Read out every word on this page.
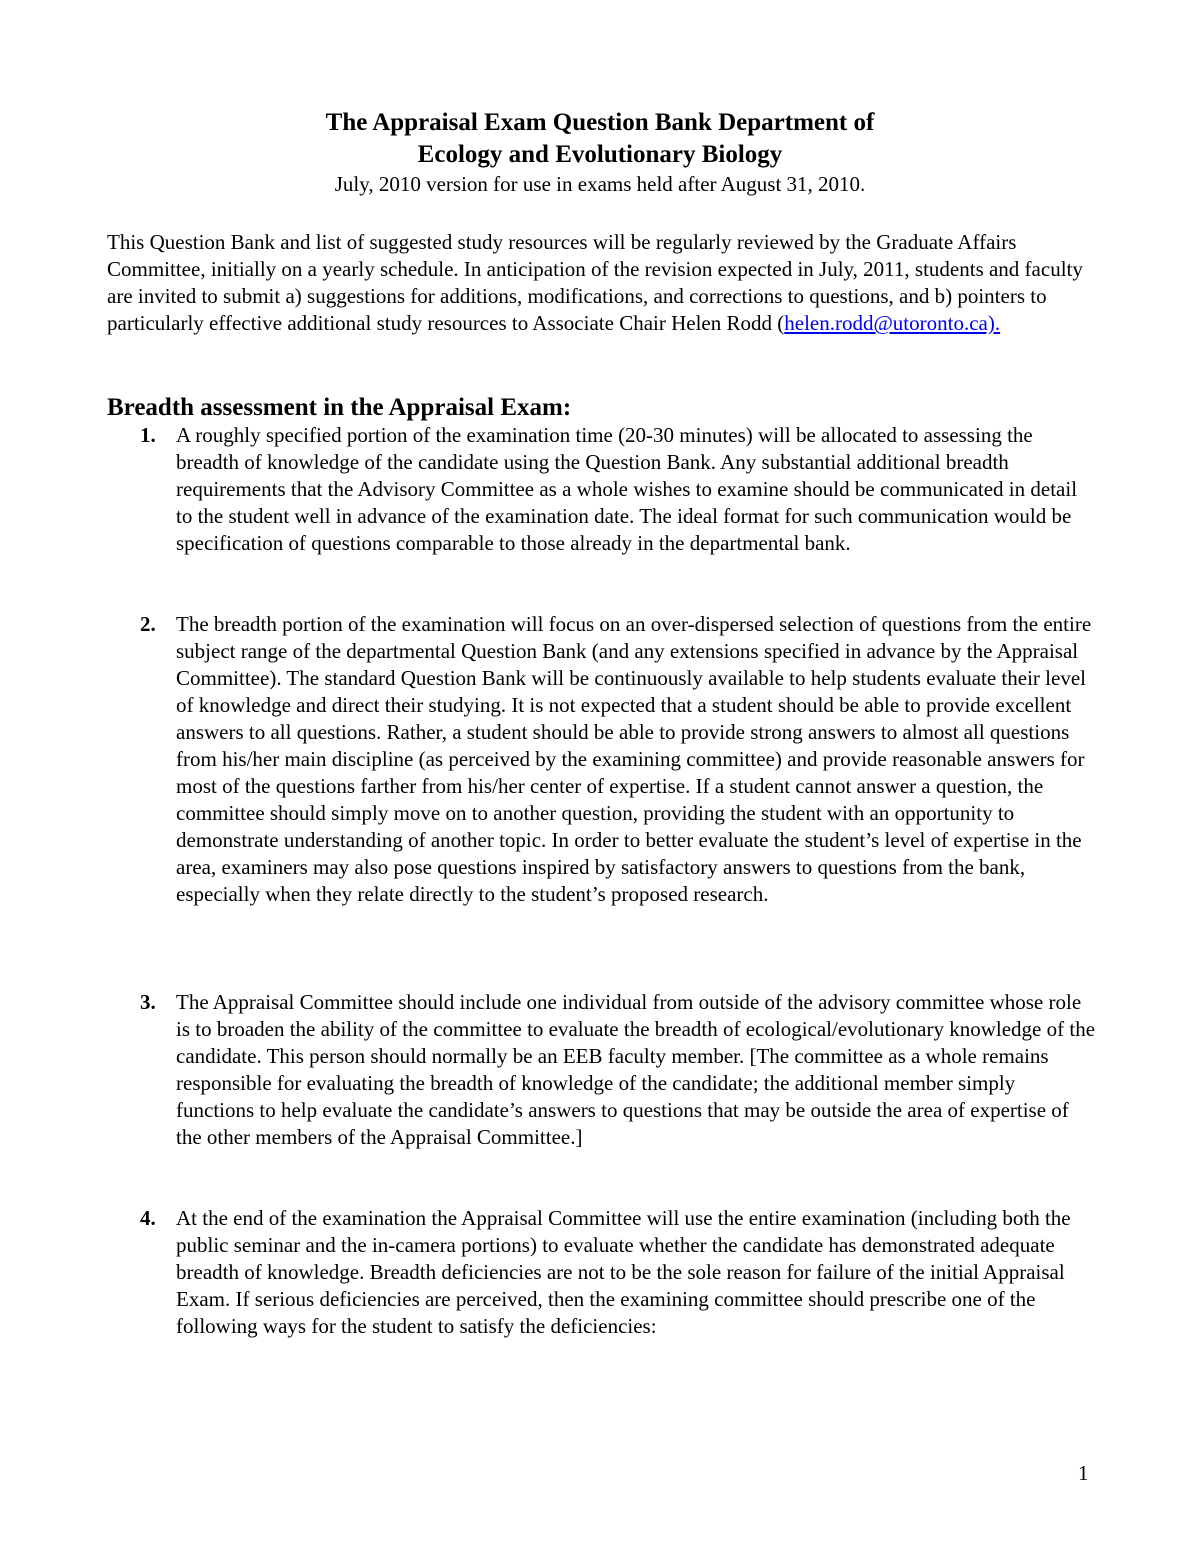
The Appraisal Exam Question Bank Department of
Ecology and Evolutionary Biology
July, 2010 version for use in exams held after August 31, 2010.
This Question Bank and list of suggested study resources will be regularly reviewed by the Graduate Affairs Committee, initially on a yearly schedule. In anticipation of the revision expected in July, 2011, students and faculty are invited to submit a) suggestions for additions, modifications, and corrections to questions, and b) pointers to particularly effective additional study resources to Associate Chair Helen Rodd (helen.rodd@utoronto.ca).
Breadth assessment in the Appraisal Exam:
1. A roughly specified portion of the examination time (20-30 minutes) will be allocated to assessing the breadth of knowledge of the candidate using the Question Bank. Any substantial additional breadth requirements that the Advisory Committee as a whole wishes to examine should be communicated in detail to the student well in advance of the examination date. The ideal format for such communication would be specification of questions comparable to those already in the departmental bank.
2. The breadth portion of the examination will focus on an over-dispersed selection of questions from the entire subject range of the departmental Question Bank (and any extensions specified in advance by the Appraisal Committee). The standard Question Bank will be continuously available to help students evaluate their level of knowledge and direct their studying. It is not expected that a student should be able to provide excellent answers to all questions. Rather, a student should be able to provide strong answers to almost all questions from his/her main discipline (as perceived by the examining committee) and provide reasonable answers for most of the questions farther from his/her center of expertise. If a student cannot answer a question, the committee should simply move on to another question, providing the student with an opportunity to demonstrate understanding of another topic. In order to better evaluate the student’s level of expertise in the area, examiners may also pose questions inspired by satisfactory answers to questions from the bank, especially when they relate directly to the student’s proposed research.
3. The Appraisal Committee should include one individual from outside of the advisory committee whose role is to broaden the ability of the committee to evaluate the breadth of ecological/evolutionary knowledge of the candidate. This person should normally be an EEB faculty member. [The committee as a whole remains responsible for evaluating the breadth of knowledge of the candidate; the additional member simply functions to help evaluate the candidate’s answers to questions that may be outside the area of expertise of the other members of the Appraisal Committee.]
4. At the end of the examination the Appraisal Committee will use the entire examination (including both the public seminar and the in-camera portions) to evaluate whether the candidate has demonstrated adequate breadth of knowledge. Breadth deficiencies are not to be the sole reason for failure of the initial Appraisal Exam. If serious deficiencies are perceived, then the examining committee should prescribe one of the following ways for the student to satisfy the deficiencies:
1
